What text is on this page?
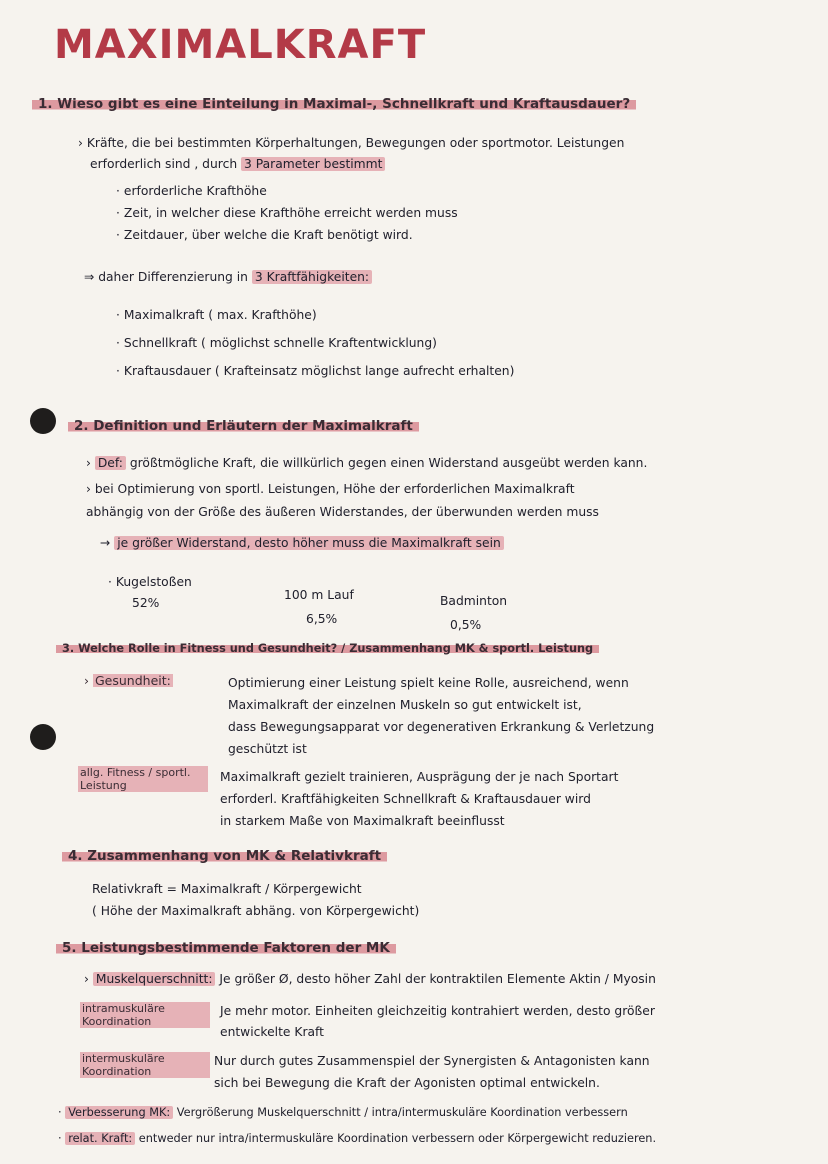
MAXIMALKRAFT
1. Wieso gibt es eine Einteilung in Maximal-, Schnellkraft und Kraftausdauer?
› Kräfte, die bei bestimmten Körperhaltungen, Bewegungen oder sportmotor. Leistungen
erforderlich sind , durch 3 Parameter bestimmt
· erforderliche Krafthöhe
· Zeit, in welcher diese Krafthöhe erreicht werden muss
· Zeitdauer, über welche die Kraft benötigt wird.
⇒ daher Differenzierung in 3 Kraftfähigkeiten:
· Maximalkraft ( max. Krafthöhe)
· Schnellkraft ( möglichst schnelle Kraftentwicklung)
· Kraftausdauer ( Krafteinsatz möglichst lange aufrecht erhalten)
2. Definition und Erläutern der Maximalkraft
› Def: größtmögliche Kraft, die willkürlich gegen einen Widerstand ausgeübt werden kann.
› bei Optimierung von sportl. Leistungen, Höhe der erforderlichen Maximalkraft
abhängig von der Größe des äußeren Widerstandes, der überwunden werden muss
→ je größer Widerstand, desto höher muss die Maximalkraft sein
· Kugelstoßen
52%
100 m Lauf
6,5%
Badminton
0,5%
3. Welche Rolle in Fitness und Gesundheit? / Zusammenhang MK & sportl. Leistung
› Gesundheit:	Optimierung einer Leistung spielt keine Rolle, ausreichend, wenn
Maximalkraft der einzelnen Muskeln so gut entwickelt ist,
dass Bewegungsapparat vor degenerativen Erkrankung & Verletzung
geschützt ist
allg. Fitness / sportl. Leistung
Maximalkraft gezielt trainieren, Ausprägung der je nach Sportart
erforderl. Kraftfähigkeiten Schnellkraft & Kraftausdauer wird
in starkem Maße von Maximalkraft beeinflusst
4. Zusammenhang von MK & Relativkraft
Relativkraft = Maximalkraft / Körpergewicht
( Höhe der Maximalkraft abhäng. von Körpergewicht)
5. Leistungsbestimmende Faktoren der MK
› Muskelquerschnitt: Je größer Ø, desto höher Zahl der kontraktilen Elemente Aktin / Myosin
intramuskuläre Koordination
Je mehr motor. Einheiten gleichzeitig kontrahiert werden, desto größer
entwickelte Kraft
intermuskuläre Koordination
Nur durch gutes Zusammenspiel der Synergisten & Antagonisten kann
sich bei Bewegung die Kraft der Agonisten optimal entwickeln.
· Verbesserung MK: Vergrößerung Muskelquerschnitt / intra/intermuskuläre Koordination verbessern
· relat. Kraft: entweder nur intra/intermuskuläre Koordination verbessern oder Körpergewicht reduzieren.
